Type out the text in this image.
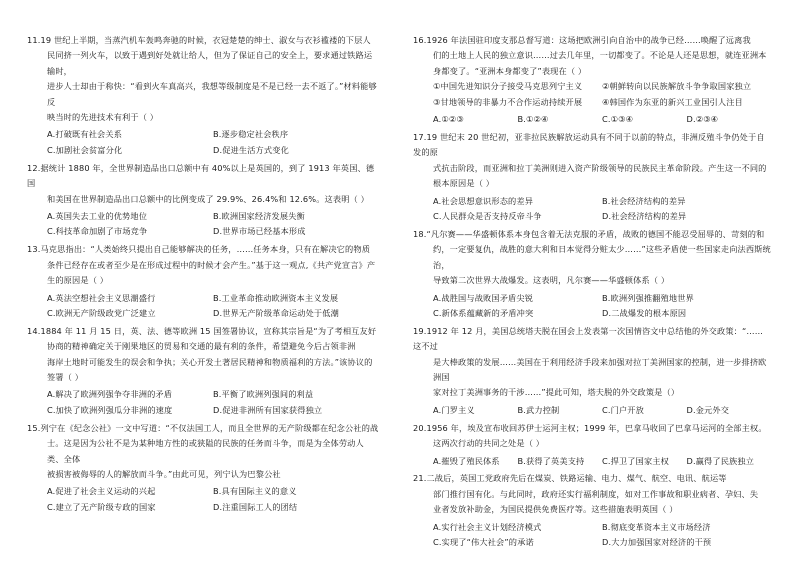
11.19 世纪上半期，当蒸汽机车轰鸣奔驰的时候，衣冠楚楚的绅士、淑女与衣衫褴褛的下层人
民同挤一列火车，以致于遇到好处就让给人，但为了保证自己的安全上，要求通过铁路运输时，
进步人士却由于称快：“看到火车真高兴，我想等级制度是不是已经一去不返了。”材料能够反
映当时的先进技术有利于（ ）
A.打破既有社会关系	B.逐步稳定社会秩序
C.加剧社会贫富分化	D.促进生活方式变化
12.据统计 1880 年，全世界制造品出口总额中有 40%以上是英国的，到了 1913 年英国、德国
和美国在世界制造品出口总额中的比例变成了 29.9%、26.4%和 12.6%。这表明（ ）
A.英国失去工业的优势地位	B.欧洲国家经济发展失衡
C.科技革命加剧了市场竞争	D.世界市场已经基本形成
13.马克思指出：“人类始终只提出自己能够解决的任务，……任务本身，只有在解决它的物质
条件已经存在或者至少是在形成过程中的时候才会产生。”基于这一观点,《共产党宣言》产
生的原因是（ ）
A.英法空想社会主义思潮盛行	B.工业革命推动欧洲资本主义发展
C.欧洲无产阶级政党广泛建立	D.世界无产阶级革命运动处于低潮
14.1884 年 11 月 15 日，英、法、德等欧洲 15 国签署协议，宣称其宗旨是“为了考相互友好
协商的精神确定关于刚果地区的贸易和交通的最有利的条件，希望避免今后占领非洲
海岸土地时可能发生的误会和争执；关心开发土著居民精神和物质福利的方法。”该协议的
签署（ ）
A.解决了欧洲列强争夺非洲的矛盾	B.平衡了欧洲列强间的利益
C.加快了欧洲列强瓜分非洲的速度	D.促进非洲所有国家获得独立
15.列宁在《纪念公社》一文中写道：“不仅法国工人，而且全世界的无产阶级都在纪念公社的战
士。这是因为公社不是为某种地方性的或狭隘的民族的任务而斗争，而是为全体劳动人类、全体
被损害被侮辱的人的解放而斗争。”由此可见，列宁认为巴黎公社
A.促进了社会主义运动的兴起	B.具有国际主义的意义
C.建立了无产阶级专政的国家	D.注重国际工人的团结
16.1926 年法国驻印度支那总督写道：这场把欧洲引向自治中的战争已经……唤醒了远离我
们的土地上人民的独立意识……过去几年里，一切都变了。不论是人还是思想，就连亚洲本
身都变了。“亚洲本身都变了”表现在（ ）
①中国先进知识分子接受马克思列宁主义	②朝鲜转向以民族解放斗争争取国家独立
③甘地领导的非暴力不合作运动持续开展	④韩国作为东亚的新兴工业国引人注目
A.①②③	B.①②④	C.①③④	D.②③④
17.19 世纪末 20 世纪初，亚非拉民族解放运动具有不同于以前的特点，非洲反殖斗争仍处于自发的原
式抗击阶段，而亚洲和拉丁美洲则进入资产阶级领导的民族民主革命阶段。产生这一不同的
根本原因是（ ）
A.社会思想意识形态的差异	B.社会经济结构的差异
C.人民群众是否支持反帝斗争	D.社会经济结构的差异
18.“凡尔赛——华盛顿体系本身包含着无法克服的矛盾，战败的德国不能忍受屈辱的、苛刻的和
约，一定要复仇，战胜的意大利和日本觉得分赃太少……”这些矛盾使一些国家走向法西斯统治，
导致第二次世界大战爆发。这表明，凡尔赛——华盛顿体系（ ）
A.战胜国与战败国矛盾尖锐	B.欧洲列强推翻殖地世界
C.新体系蕴藏新的矛盾冲突	D.二战爆发的根本原因
19.1912 年 12 月，美国总统塔夫脱在国会上发表第一次国情咨文中总结他的外交政策：“……这不过
是大棒政策的发展……美国在于利用经济手段来加强对拉丁美洲国家的控制，进一步排挤欧洲国
家对拉丁美洲事务的干涉……”提此可知，塔夫脱的外交政策是（）
A.门罗主义	B.武力控制	C.门户开放	D.金元外交
20.1956 年，埃及宣布收回苏伊士运河主权；1999 年，巴拿马收回了巴拿马运河的全部主权。
这两次行动的共同之处是（ ）
A.摧毁了殖民体系	B.获得了英美支持	C.捍卫了国家主权	D.赢得了民族独立
21.二战后，英国工党政府先后在煤炭、铁路运输、电力、煤气、航空、电讯、航运等
部门推行国有化。与此同时，政府还实行福利制度，如对工作事故和职业病者、孕妇、失
业者发放补助金，为国民提供免费医疗等。这些措施表明英国（ ）
A.实行社会主义计划经济模式	B.彻底变革资本主义市场经济
C.实现了“伟大社会”的承诺	D.大力加强国家对经济的干预
